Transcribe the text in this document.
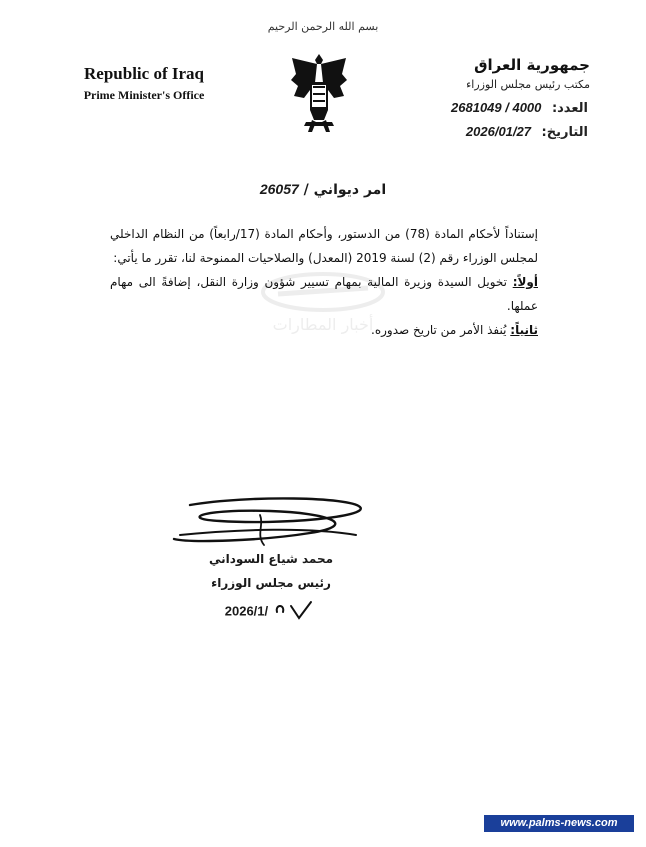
بسم الله الرحمن الرحيم
Republic of Iraq
Prime Minister's Office
جمهورية العراق
مكتب رئيس مجلس الوزراء
العدد: 2681049 / 4000
التاريخ: 2026/01/27
امر ديواني / 26057
أخبار المطارات

إستناداً لأحكام المادة (78) من الدستور، وأحكام المادة (17/رابعاً) من النظام الداخلي لمجلس الوزراء رقم (2) لسنة 2019 (المعدل) والصلاحيات الممنوحة لنا، تقرر ما يأتي:

أولاً: تخويل السيدة وزيرة المالية بمهام تسيير شؤون وزارة النقل، إضافةً الى مهام عملها.

ثانياً: يُنفذ الأمر من تاريخ صدوره.

محمد شياع السوداني
رئيس مجلس الوزراء
2026/1/
www.palms-news.com
